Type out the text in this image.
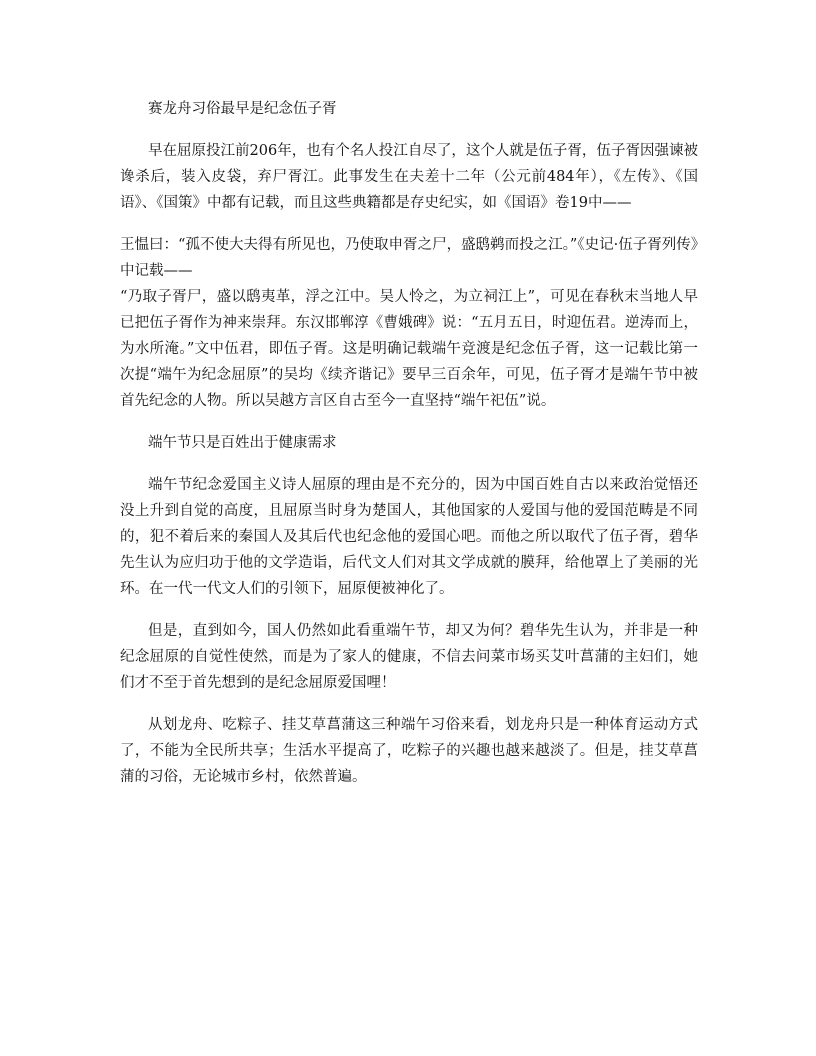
赛龙舟习俗最早是纪念伍子胥

早在屈原投江前206年，也有个名人投江自尽了，这个人就是伍子胥，伍子胥因强谏被谗杀后，装入皮袋，弃尸胥江。此事发生在夫差十二年（公元前484年），《左传》、《国语》、《国策》中都有记载，而且这些典籍都是存史纪实，如《国语》卷19中——

王愠曰：“孤不使大夫得有所见也，乃使取申胥之尸，盛鸱鹈而投之江。”《史记·伍子胥列传》中记载——

“乃取子胥尸，盛以鸱夷革，浮之江中。吴人怜之，为立祠江上”，可见在春秋末当地人早已把伍子胥作为神来崇拜。东汉邯郸淳《曹娥碑》说：“五月五日，时迎伍君。逆涛而上，为水所淹。”文中伍君，即伍子胥。这是明确记载端午竞渡是纪念伍子胥，这一记载比第一次提“端午为纪念屈原”的吴均《续齐谐记》要早三百余年，可见，伍子胥才是端午节中被首先纪念的人物。所以吴越方言区自古至今一直坚持“端午祀伍”说。

端午节只是百姓出于健康需求

端午节纪念爱国主义诗人屈原的理由是不充分的，因为中国百姓自古以来政治觉悟还没上升到自觉的高度，且屈原当时身为楚国人，其他国家的人爱国与他的爱国范畴是不同的，犯不着后来的秦国人及其后代也纪念他的爱国心吧。而他之所以取代了伍子胥，碧华先生认为应归功于他的文学造诣，后代文人们对其文学成就的膜拜，给他罩上了美丽的光环。在一代一代文人们的引领下，屈原便被神化了。

但是，直到如今，国人仍然如此看重端午节，却又为何？碧华先生认为，并非是一种纪念屈原的自觉性使然，而是为了家人的健康，不信去问菜市场买艾叶菖蒲的主妇们，她们才不至于首先想到的是纪念屈原爱国哩！

从划龙舟、吃粽子、挂艾草菖蒲这三种端午习俗来看，划龙舟只是一种体育运动方式了，不能为全民所共享；生活水平提高了，吃粽子的兴趣也越来越淡了。但是，挂艾草菖蒲的习俗，无论城市乡村，依然普遍。
